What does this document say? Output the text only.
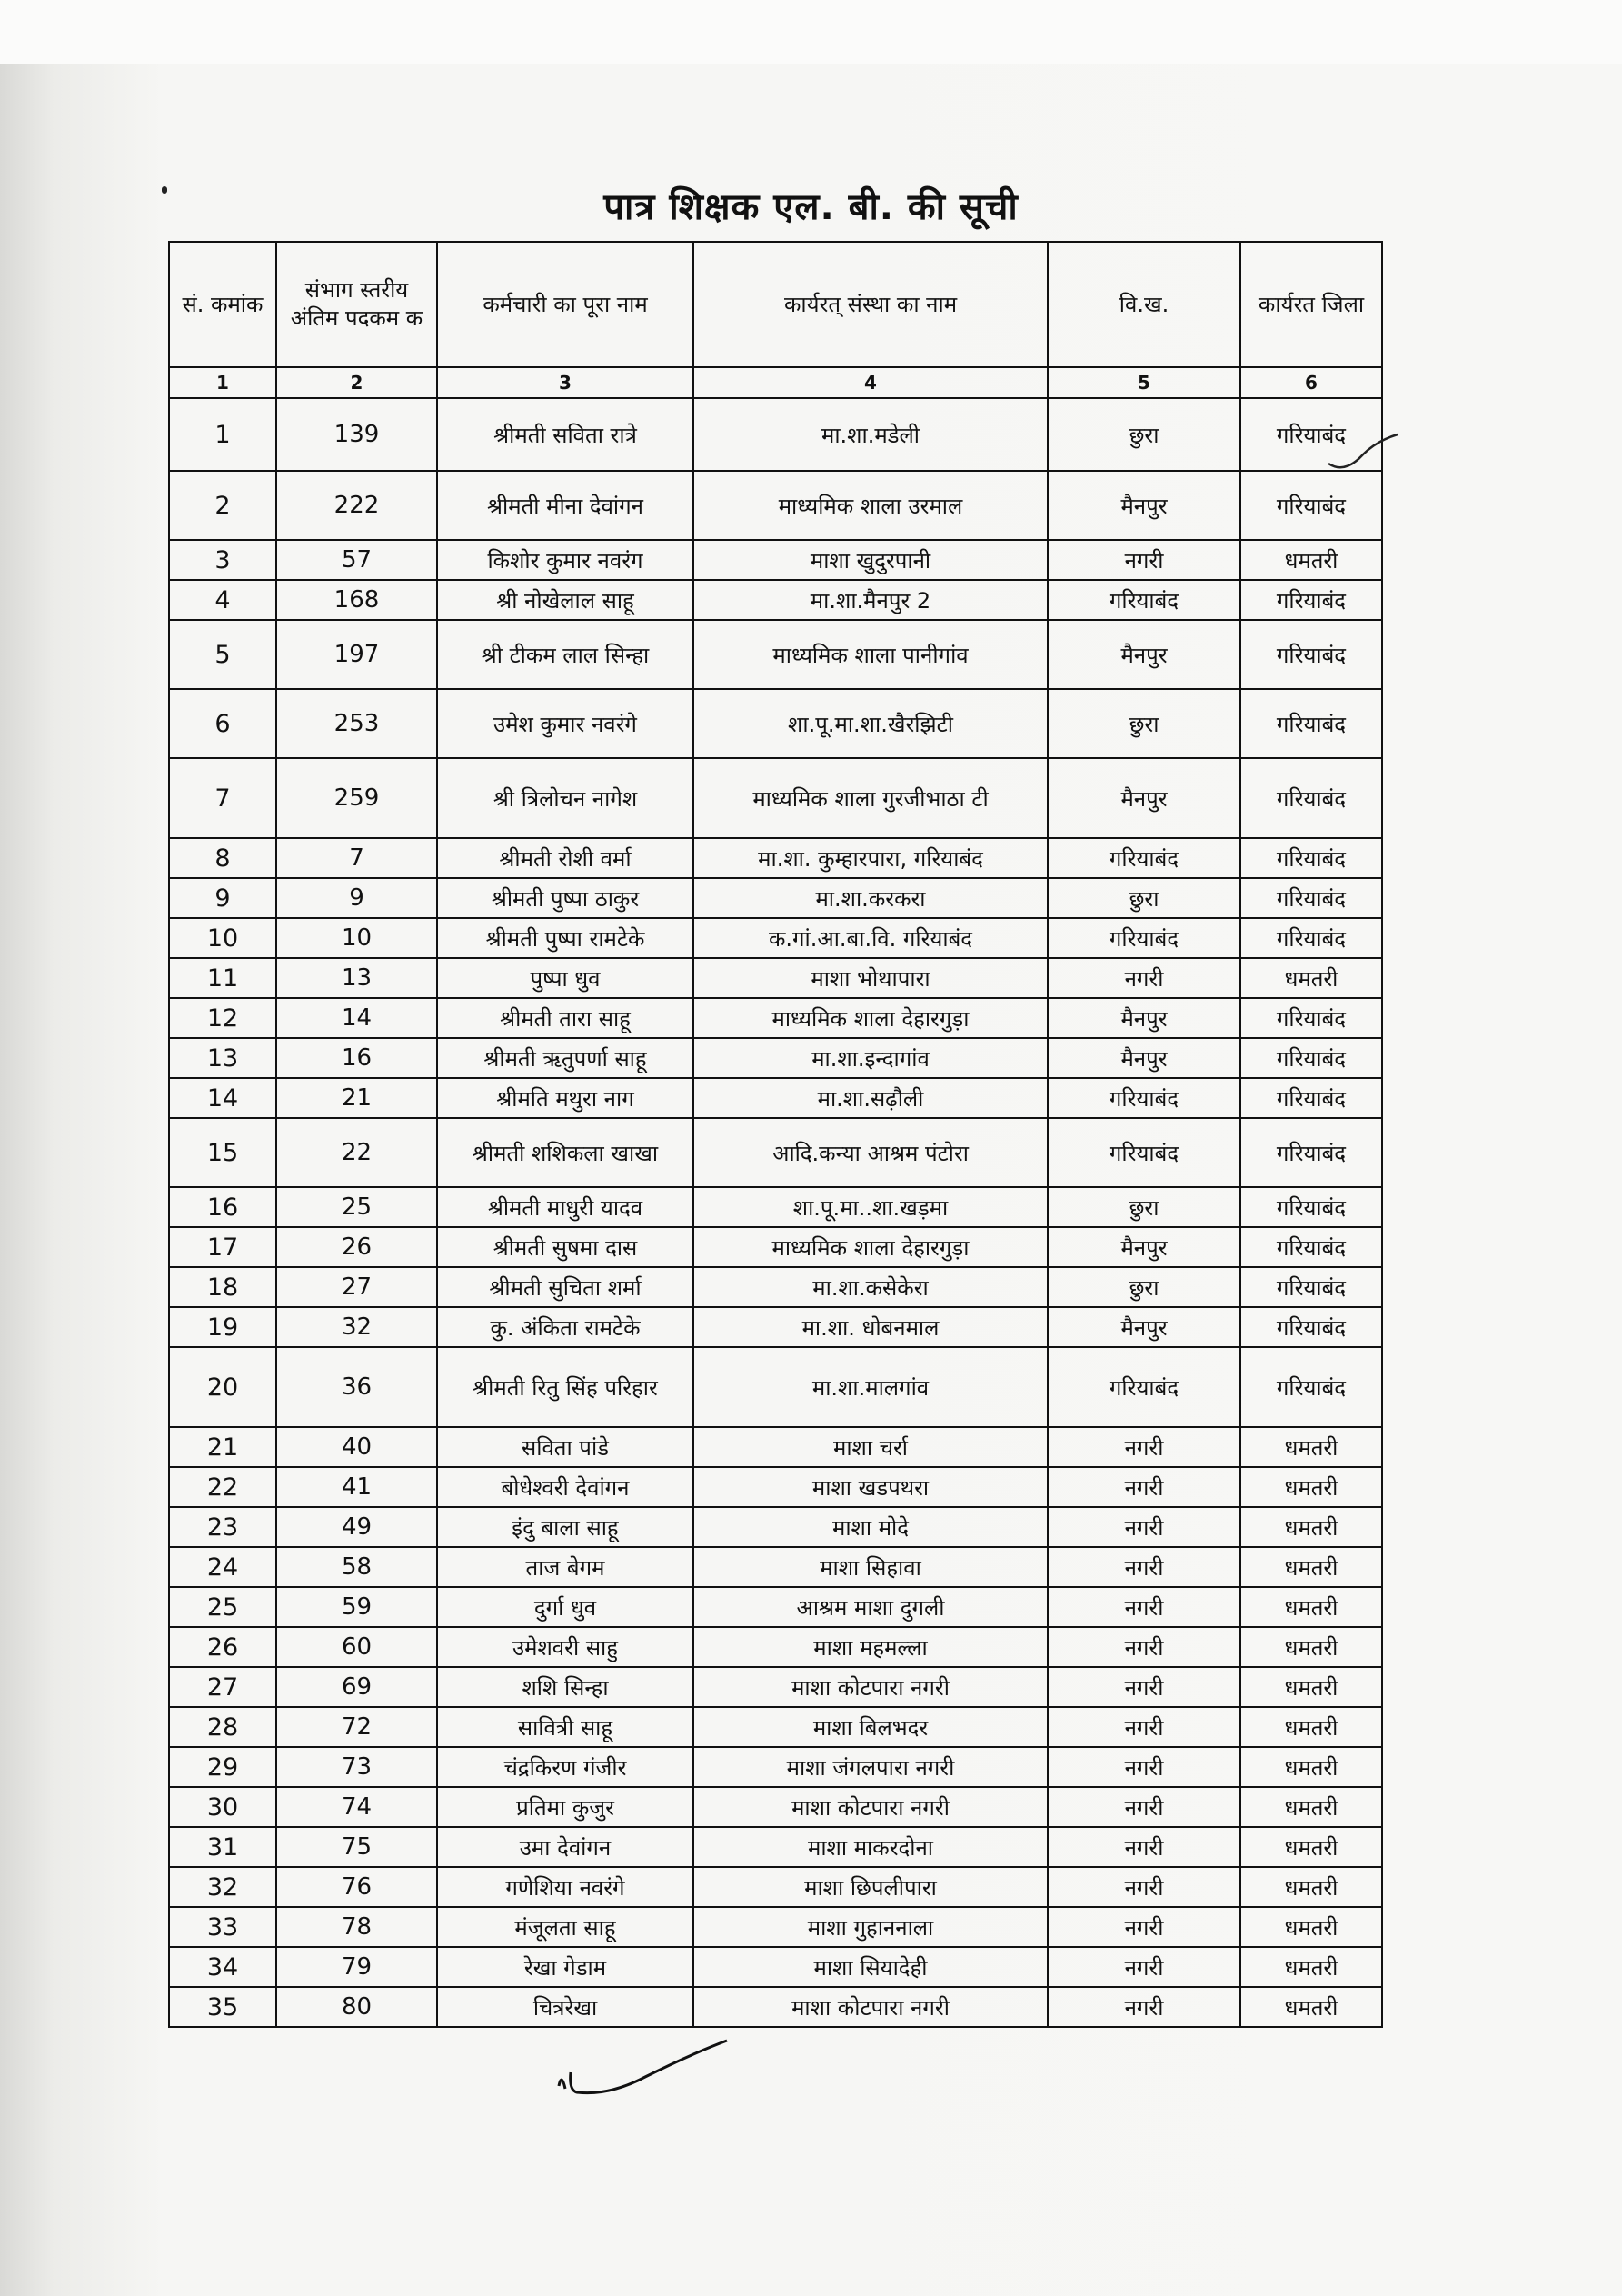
पात्र शिक्षक एल. बी. की सूची
सं. कमांक	संभाग स्तरीय अंतिम पदकम क	कर्मचारी का पूरा नाम	कार्यरत् संस्था का नाम	वि.ख.	कार्यरत जिला
1	2	3	4	5	6
1	139	श्रीमती सविता रात्रे	मा.शा.मडेली	छुरा	गरियाबंद
2	222	श्रीमती मीना देवांगन	माध्यमिक शाला उरमाल	मैनपुर	गरियाबंद
3	57	किशोर कुमार नवरंग	माशा खुदुरपानी	नगरी	धमतरी
4	168	श्री नोखेलाल साहू	मा.शा.मैनपुर 2	गरियाबंद	गरियाबंद
5	197	श्री टीकम लाल सिन्हा	माध्यमिक शाला पानीगांव	मैनपुर	गरियाबंद
6	253	उमेश कुमार नवरंगे	शा.पू.मा.शा.खैरझिटी	छुरा	गरियाबंद
7	259	श्री त्रिलोचन नागेश	माध्यमिक शाला गुरजीभाठा टी	मैनपुर	गरियाबंद
8	7	श्रीमती रोशी वर्मा	मा.शा. कुम्हारपारा, गरियाबंद	गरियाबंद	गरियाबंद
9	9	श्रीमती पुष्पा ठाकुर	मा.शा.करकरा	छुरा	गरियाबंद
10	10	श्रीमती पुष्पा रामटेके	क.गां.आ.बा.वि. गरियाबंद	गरियाबंद	गरियाबंद
11	13	पुष्पा धुव	माशा भोथापारा	नगरी	धमतरी
12	14	श्रीमती तारा साहू	माध्यमिक शाला देहारगुड़ा	मैनपुर	गरियाबंद
13	16	श्रीमती ऋतुपर्णा साहू	मा.शा.इन्दागांव	मैनपुर	गरियाबंद
14	21	श्रीमति मथुरा नाग	मा.शा.सढ़ौली	गरियाबंद	गरियाबंद
15	22	श्रीमती शशिकला खाखा	आदि.कन्या आश्रम पंटोरा	गरियाबंद	गरियाबंद
16	25	श्रीमती माधुरी यादव	शा.पू.मा..शा.खड़मा	छुरा	गरियाबंद
17	26	श्रीमती सुषमा दास	माध्यमिक शाला देहारगुड़ा	मैनपुर	गरियाबंद
18	27	श्रीमती सुचिता शर्मा	मा.शा.कसेकेरा	छुरा	गरियाबंद
19	32	कु. अंकिता रामटेके	मा.शा. धोबनमाल	मैनपुर	गरियाबंद
20	36	श्रीमती रितु सिंह परिहार	मा.शा.मालगांव	गरियाबंद	गरियाबंद
21	40	सविता पांडे	माशा चर्रा	नगरी	धमतरी
22	41	बोधेश्वरी देवांगन	माशा खडपथरा	नगरी	धमतरी
23	49	इंदु बाला साहू	माशा मोदे	नगरी	धमतरी
24	58	ताज बेगम	माशा सिहावा	नगरी	धमतरी
25	59	दुर्गा धुव	आश्रम माशा दुगली	नगरी	धमतरी
26	60	उमेशवरी साहु	माशा महमल्ला	नगरी	धमतरी
27	69	शशि सिन्हा	माशा कोटपारा नगरी	नगरी	धमतरी
28	72	सावित्री साहू	माशा बिलभदर	नगरी	धमतरी
29	73	चंद्रकिरण गंजीर	माशा जंगलपारा नगरी	नगरी	धमतरी
30	74	प्रतिमा कुजुर	माशा कोटपारा नगरी	नगरी	धमतरी
31	75	उमा देवांगन	माशा माकरदोना	नगरी	धमतरी
32	76	गणेशिया नवरंगे	माशा छिपलीपारा	नगरी	धमतरी
33	78	मंजूलता साहू	माशा गुहाननाला	नगरी	धमतरी
34	79	रेखा गेडाम	माशा सियादेही	नगरी	धमतरी
35	80	चित्ररेखा	माशा कोटपारा नगरी	नगरी	धमतरी
